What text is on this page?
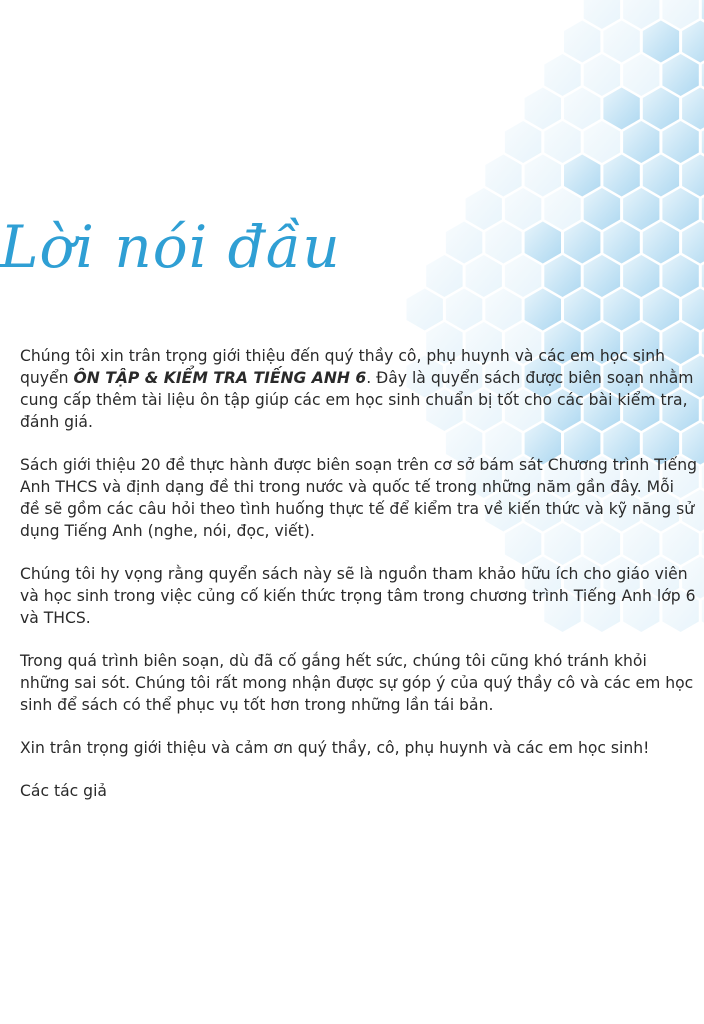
Lời nói đầu

Chúng tôi xin trân trọng giới thiệu đến quý thầy cô, phụ huynh và các em học sinh quyển ÔN TẬP & KIỂM TRA TIẾNG ANH 6. Đây là quyển sách được biên soạn nhằm cung cấp thêm tài liệu ôn tập giúp các em học sinh chuẩn bị tốt cho các bài kiểm tra, đánh giá.

Sách giới thiệu 20 đề thực hành được biên soạn trên cơ sở bám sát Chương trình Tiếng Anh THCS và định dạng đề thi trong nước và quốc tế trong những năm gần đây. Mỗi đề sẽ gồm các câu hỏi theo tình huống thực tế để kiểm tra về kiến thức và kỹ năng sử dụng Tiếng Anh (nghe, nói, đọc, viết).

Chúng tôi hy vọng rằng quyển sách này sẽ là nguồn tham khảo hữu ích cho giáo viên và học sinh trong việc củng cố kiến thức trọng tâm trong chương trình Tiếng Anh lớp 6 và THCS.

Trong quá trình biên soạn, dù đã cố gắng hết sức, chúng tôi cũng khó tránh khỏi những sai sót. Chúng tôi rất mong nhận được sự góp ý của quý thầy cô và các em học sinh để sách có thể phục vụ tốt hơn trong những lần tái bản.

Xin trân trọng giới thiệu và cảm ơn quý thầy, cô, phụ huynh và các em học sinh!

Các tác giả
